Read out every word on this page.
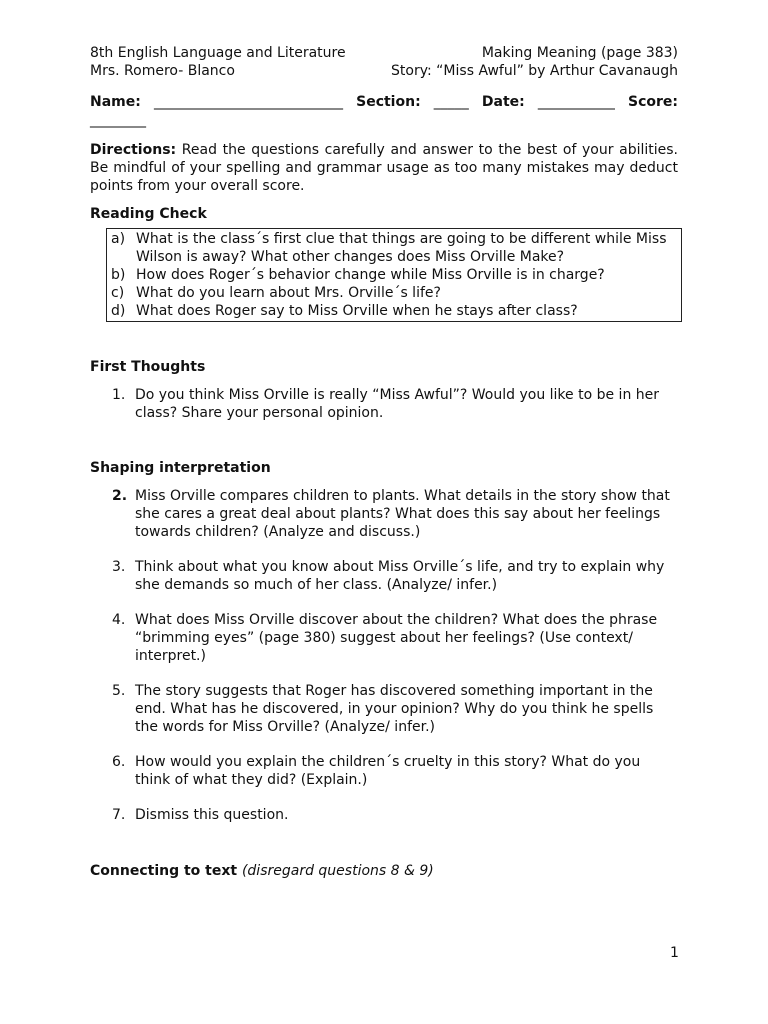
8th English Language and Literature
Mrs. Romero- Blanco
Making Meaning (page 383)
Story: “Miss Awful” by Arthur Cavanaugh
Name: ___________________________ Section: _____ Date: ___________ Score: ________
Directions: Read the questions carefully and answer to the best of your abilities. Be mindful of your spelling and grammar usage as too many mistakes may deduct points from your overall score.
Reading Check
a) What is the class´s first clue that things are going to be different while Miss Wilson is away? What other changes does Miss Orville Make?
b) How does Roger´s behavior change while Miss Orville is in charge?
c) What do you learn about Mrs. Orville´s life?
d) What does Roger say to Miss Orville when he stays after class?
First Thoughts
1. Do you think Miss Orville is really “Miss Awful”? Would you like to be in her class? Share your personal opinion.
Shaping interpretation
2. Miss Orville compares children to plants. What details in the story show that she cares a great deal about plants? What does this say about her feelings towards children? (Analyze and discuss.)
3. Think about what you know about Miss Orville´s life, and try to explain why she demands so much of her class. (Analyze/ infer.)
4. What does Miss Orville discover about the children? What does the phrase “brimming eyes” (page 380) suggest about her feelings? (Use context/ interpret.)
5. The story suggests that Roger has discovered something important in the end. What has he discovered, in your opinion? Why do you think he spells the words for Miss Orville? (Analyze/ infer.)
6. How would you explain the children´s cruelty in this story? What do you think of what they did? (Explain.)
7. Dismiss this question.
Connecting to text (disregard questions 8 & 9)
1
